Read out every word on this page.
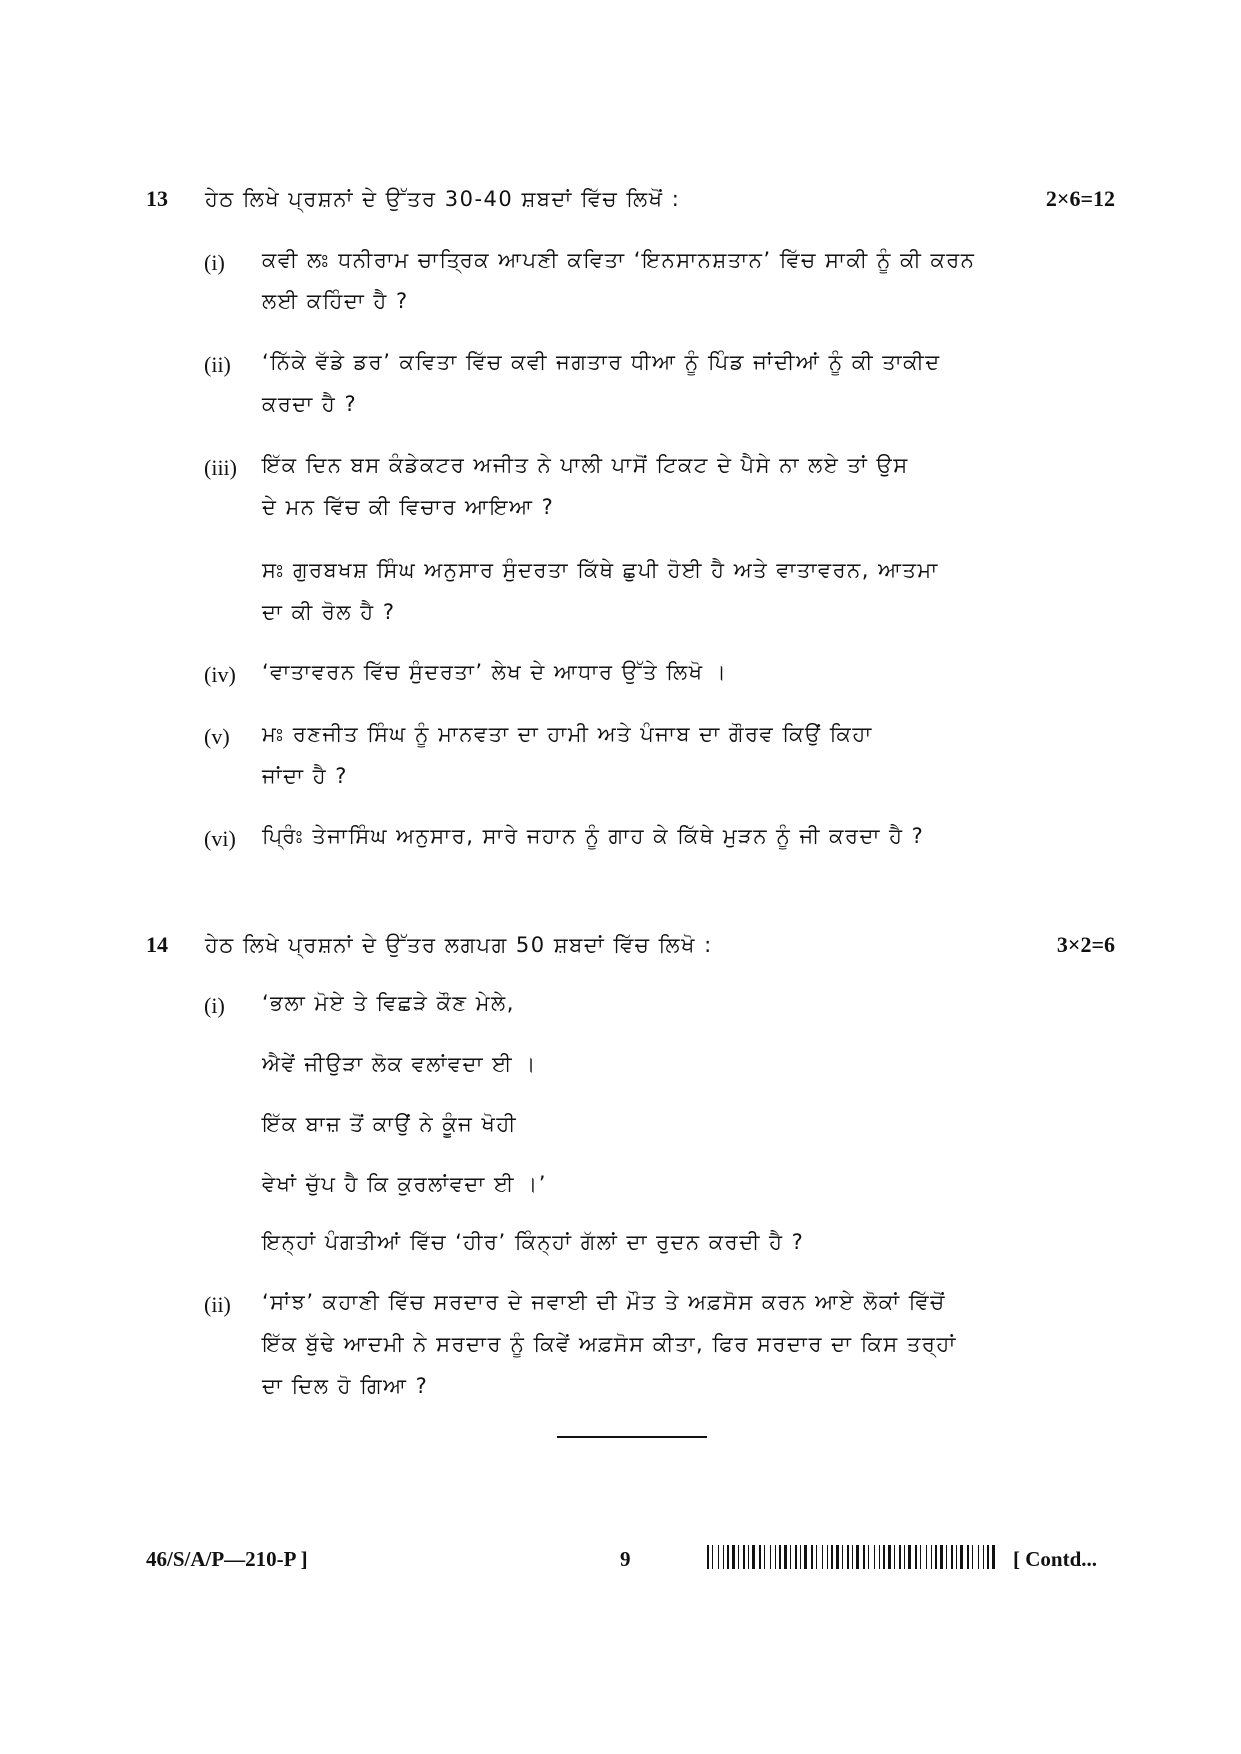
13 ਹੇਠ ਲਿਖੇ ਪ੍ਰਸ਼ਨਾਂ ਦੇ ਉੱਤਰ 30-40 ਸ਼ਬਦਾਂ ਵਿੱਚ ਲਿਖੋਂ :	2×6=12
(i) ਕਵੀ ਲਃ ਧਨੀਰਾਮ ਚਾਤ੍ਰਿਕ ਆਪਣੀ ਕਵਿਤਾ ‘ਇਨਸਾਨਸ਼ਤਾਨ’ ਵਿੱਚ ਸਾਕੀ ਨੂੰ ਕੀ ਕਰਨ
ਲਈ ਕਹਿੰਦਾ ਹੈ ?
(ii) ‘ਨਿੱਕੇ ਵੱਡੇ ਡਰ’ ਕਵਿਤਾ ਵਿੱਚ ਕਵੀ ਜਗਤਾਰ ਧੀਆ ਨੂੰ ਪਿੰਡ ਜਾਂਦੀਆਂ ਨੂੰ ਕੀ ਤਾਕੀਦ
ਕਰਦਾ ਹੈ ?
(iii) ਇੱਕ ਦਿਨ ਬਸ ਕੰਡੇਕਟਰ ਅਜੀਤ ਨੇ ਪਾਲੀ ਪਾਸੋਂ ਟਿਕਟ ਦੇ ਪੈਸੇ ਨਾ ਲਏ ਤਾਂ ਉਸ
ਦੇ ਮਨ ਵਿੱਚ ਕੀ ਵਿਚਾਰ ਆਇਆ ?
ਸਃ ਗੁਰਬਖਸ਼ ਸਿੰਘ ਅਨੁਸਾਰ ਸੁੰਦਰਤਾ ਕਿੱਥੇ ਛੁਪੀ ਹੋਈ ਹੈ ਅਤੇ ਵਾਤਾਵਰਨ, ਆਤਮਾ
ਦਾ ਕੀ ਰੋਲ ਹੈ ?
(iv) ‘ਵਾਤਾਵਰਨ ਵਿੱਚ ਸੁੰਦਰਤਾ’ ਲੇਖ ਦੇ ਆਧਾਰ ਉੱਤੇ ਲਿਖੋ ।
(v) ਮਃ ਰਣਜੀਤ ਸਿੰਘ ਨੂੰ ਮਾਨਵਤਾ ਦਾ ਹਾਮੀ ਅਤੇ ਪੰਜਾਬ ਦਾ ਗੌਰਵ ਕਿਉਂ ਕਿਹਾ
ਜਾਂਦਾ ਹੈ ?
(vi) ਪ੍ਰਿੰਃ ਤੇਜਾਸਿੰਘ ਅਨੁਸਾਰ, ਸਾਰੇ ਜਹਾਨ ਨੂੰ ਗਾਹ ਕੇ ਕਿੱਥੇ ਮੁੜਨ ਨੂੰ ਜੀ ਕਰਦਾ ਹੈ ?
14 ਹੇਠ ਲਿਖੇ ਪ੍ਰਸ਼ਨਾਂ ਦੇ ਉੱਤਰ ਲਗਪਗ 50 ਸ਼ਬਦਾਂ ਵਿੱਚ ਲਿਖੋ :	3×2=6
(i) ‘ਭਲਾ ਮੋਏ ਤੇ ਵਿਛੜੇ ਕੌਣ ਮੇਲੇ,
ਐਵੇਂ ਜੀਉੜਾ ਲੋਕ ਵਲਾਂਵਦਾ ਈ ।
ਇੱਕ ਬਾਜ਼ ਤੋਂ ਕਾਉਂ ਨੇ ਕੂੰਜ ਖੋਹੀ
ਵੇਖਾਂ ਚੁੱਪ ਹੈ ਕਿ ਕੁਰਲਾਂਵਦਾ ਈ ।’
ਇਨ੍ਹਾਂ ਪੰਗਤੀਆਂ ਵਿੱਚ ‘ਹੀਰ’ ਕਿੰਨ੍ਹਾਂ ਗੱਲਾਂ ਦਾ ਰੁਦਨ ਕਰਦੀ ਹੈ ?
(ii) ‘ਸਾਂਝ’ ਕਹਾਣੀ ਵਿੱਚ ਸਰਦਾਰ ਦੇ ਜਵਾਈ ਦੀ ਮੌਤ ਤੇ ਅਫ਼ਸੋਸ ਕਰਨ ਆਏ ਲੋਕਾਂ ਵਿੱਚੋਂ
ਇੱਕ ਬੁੱਢੇ ਆਦਮੀ ਨੇ ਸਰਦਾਰ ਨੂੰ ਕਿਵੇਂ ਅਫ਼ਸੋਸ ਕੀਤਾ, ਫਿਰ ਸਰਦਾਰ ਦਾ ਕਿਸ ਤਰ੍ਹਾਂ
ਦਾ ਦਿਲ ਹੋ ਗਿਆ ?
46/S/A/P—210-P ]	9	[ Contd...
